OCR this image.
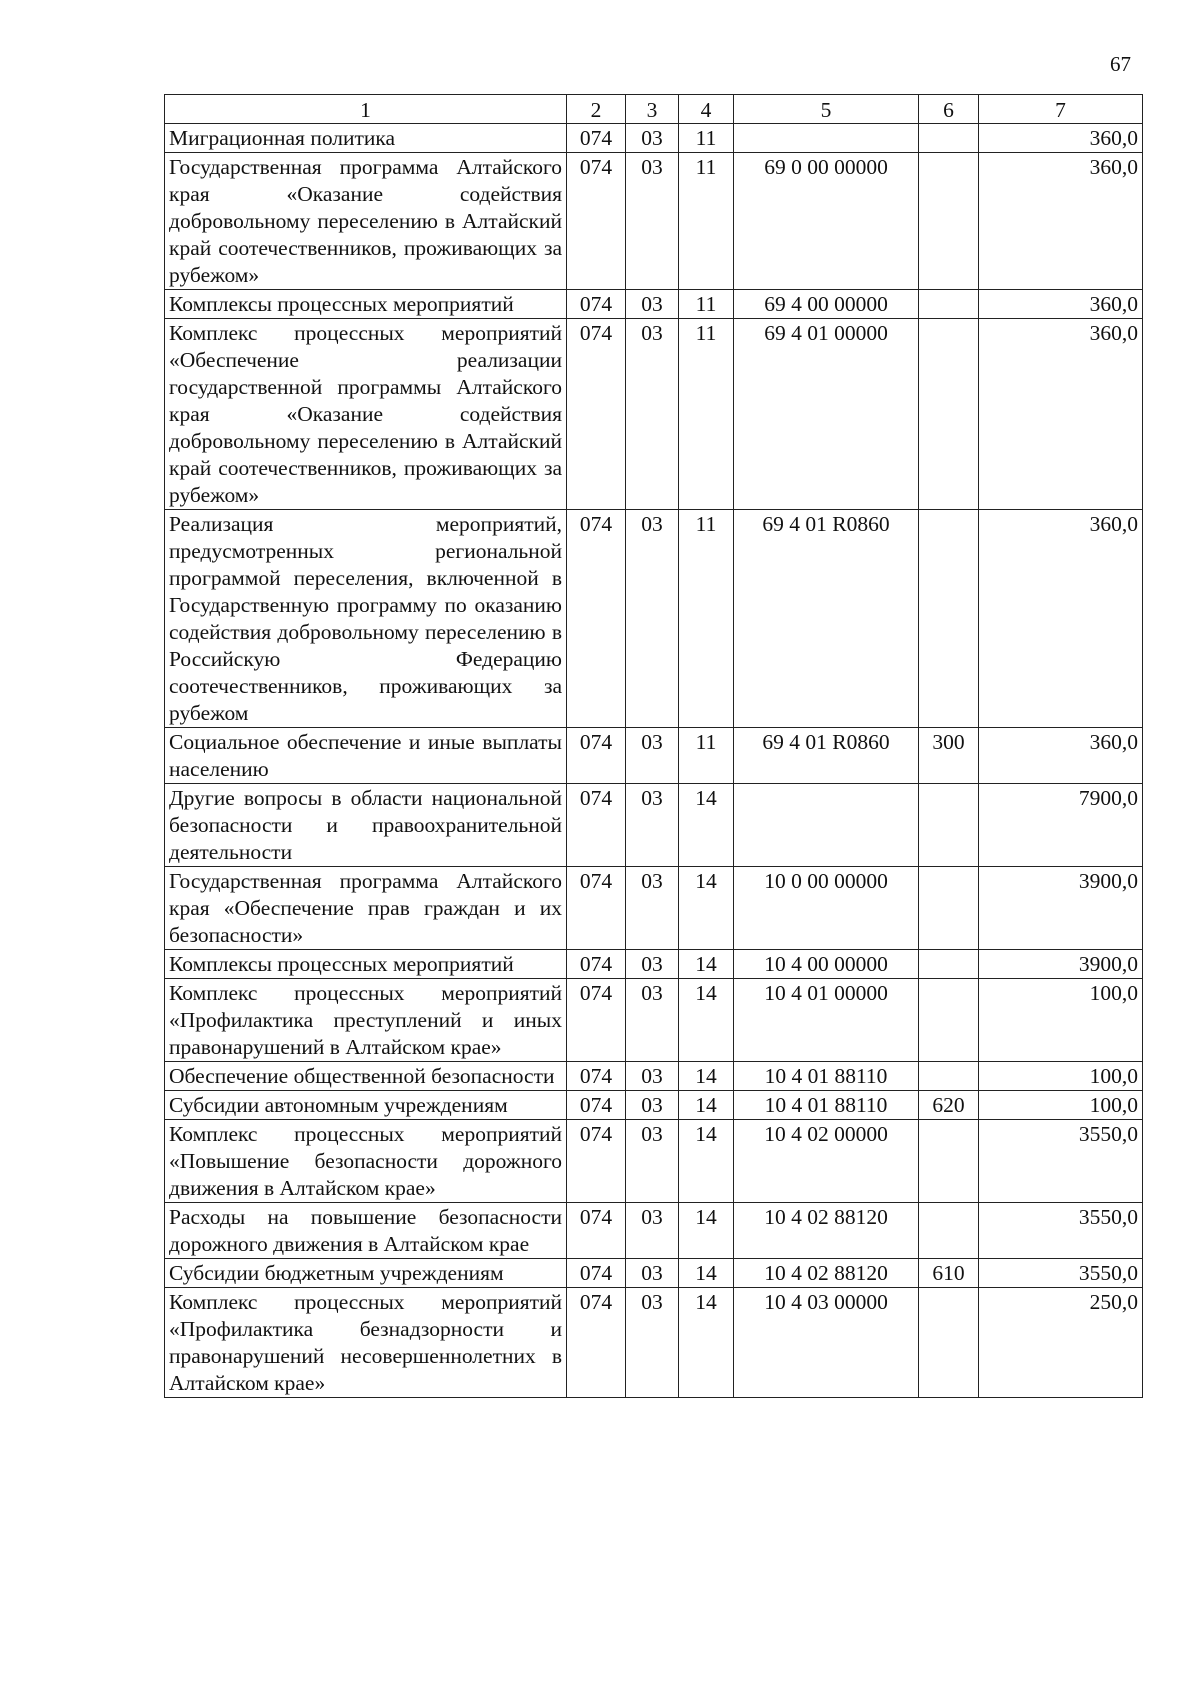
67
1	2	3	4	5	6	7
Миграционная политика	074	03	11			360,0
Государственная программа Алтайского края «Оказание содействия добровольному переселению в Алтайский край соотечественников, проживающих за рубежом»	074	03	11	69 0 00 00000		360,0
Комплексы процессных мероприятий	074	03	11	69 4 00 00000		360,0
Комплекс процессных мероприятий «Обеспечение реализации государственной программы Алтайского края «Оказание содействия добровольному переселению в Алтайский край соотечественников, проживающих за рубежом»	074	03	11	69 4 01 00000		360,0
Реализация мероприятий, предусмотренных региональной программой переселения, включенной в Государственную программу по оказанию содействия добровольному переселению в Российскую Федерацию соотечественников, проживающих за рубежом	074	03	11	69 4 01 R0860		360,0
Социальное обеспечение и иные выплаты населению	074	03	11	69 4 01 R0860	300	360,0
Другие вопросы в области национальной безопасности и правоохранительной деятельности	074	03	14			7900,0
Государственная программа Алтайского края «Обеспечение прав граждан и их безопасности»	074	03	14	10 0 00 00000		3900,0
Комплексы процессных мероприятий	074	03	14	10 4 00 00000		3900,0
Комплекс процессных мероприятий «Профилактика преступлений и иных правонарушений в Алтайском крае»	074	03	14	10 4 01 00000		100,0
Обеспечение общественной безопасности	074	03	14	10 4 01 88110		100,0
Субсидии автономным учреждениям	074	03	14	10 4 01 88110	620	100,0
Комплекс процессных мероприятий «Повышение безопасности дорожного движения в Алтайском крае»	074	03	14	10 4 02 00000		3550,0
Расходы на повышение безопасности дорожного движения в Алтайском крае	074	03	14	10 4 02 88120		3550,0
Субсидии бюджетным учреждениям	074	03	14	10 4 02 88120	610	3550,0
Комплекс процессных мероприятий «Профилактика безнадзорности и правонарушений несовершеннолетних в Алтайском крае»	074	03	14	10 4 03 00000		250,0
